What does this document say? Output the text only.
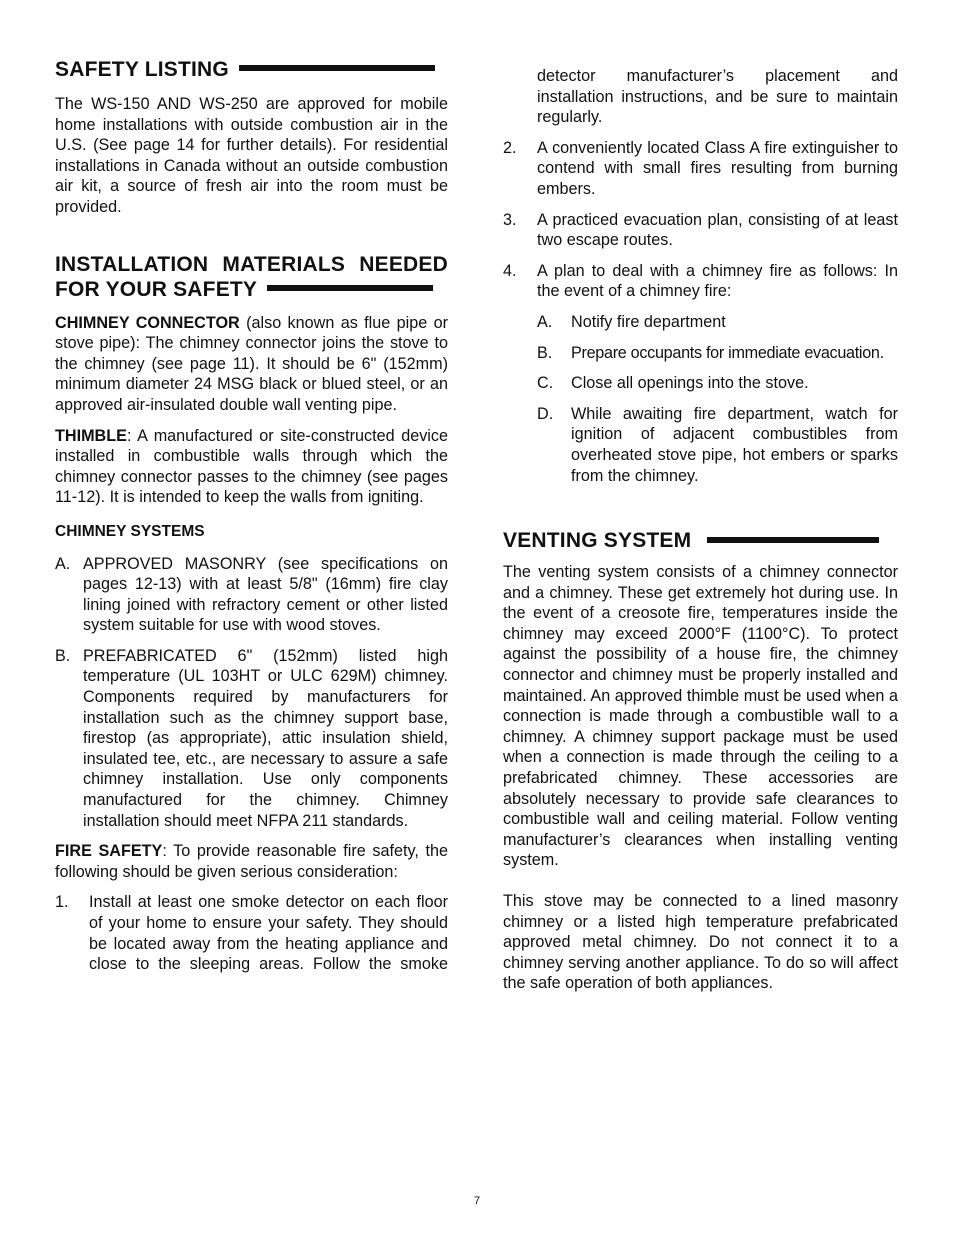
SAFETY LISTING

The WS-150 AND WS-250 are approved for mobile home installations with outside combustion air in the U.S. (See page 14 for further details). For residential installations in Canada without an outside combustion air kit, a source of fresh air into the room must be provided.

INSTALLATION MATERIALS NEEDED
FOR YOUR SAFETY

CHIMNEY CONNECTOR (also known as flue pipe or stove pipe): The chimney connector joins the stove to the chimney (see page 11). It should be 6" (152mm) minimum diameter 24 MSG black or blued steel, or an approved air-insulated double wall venting pipe.

THIMBLE: A manufactured or site-constructed device installed in combustible walls through which the chimney connector passes to the chimney (see pages 11-12). It is intended to keep the walls from igniting.

CHIMNEY SYSTEMS

A. APPROVED MASONRY (see specifications on pages 12-13) with at least 5/8" (16mm) fire clay lining joined with refractory cement or other listed system suitable for use with wood stoves.
B. PREFABRICATED 6" (152mm) listed high temperature (UL 103HT or ULC 629M) chimney. Components required by manufacturers for installation such as the chimney support base, firestop (as appropriate), attic insulation shield, insulated tee, etc., are necessary to assure a safe chimney installation. Use only components manufactured for the chimney. Chimney installation should meet NFPA 211 standards.

FIRE SAFETY: To provide reasonable fire safety, the following should be given serious consideration:

1.	Install at least one smoke detector on each floor of your home to ensure your safety. They should be located away from the heating appliance and close to the sleeping areas. Follow the smoke
detector manufacturer’s placement and installation instructions, and be sure to maintain regularly.
2.	A conveniently located Class A fire extinguisher to contend with small fires resulting from burning embers.
3.	A practiced evacuation plan, consisting of at least two escape routes.
4.	A plan to deal with a chimney fire as follows: In the event of a chimney fire:
A.	Notify fire department
B.	Prepare occupants for immediate evacuation.
C.	Close all openings into the stove.
D.	While awaiting fire department, watch for ignition of adjacent combustibles from overheated stove pipe, hot embers or sparks from the chimney.
VENTING SYSTEM

The venting system consists of a chimney connector and a chimney. These get extremely hot during use. In the event of a creosote fire, temperatures inside the chimney may exceed 2000°F (1100°C). To protect against the possibility of a house fire, the chimney connector and chimney must be properly installed and maintained. An approved thimble must be used when a connection is made through a combustible wall to a chimney. A chimney support package must be used when a connection is made through the ceiling to a prefabricated chimney. These accessories are absolutely necessary to provide safe clearances to combustible wall and ceiling material. Follow venting manufacturer’s clearances when installing venting system.

This stove may be connected to a lined masonry chimney or a listed high temperature prefabricated approved metal chimney. Do not connect it to a chimney serving another appliance. To do so will affect the safe operation of both appliances.

7
